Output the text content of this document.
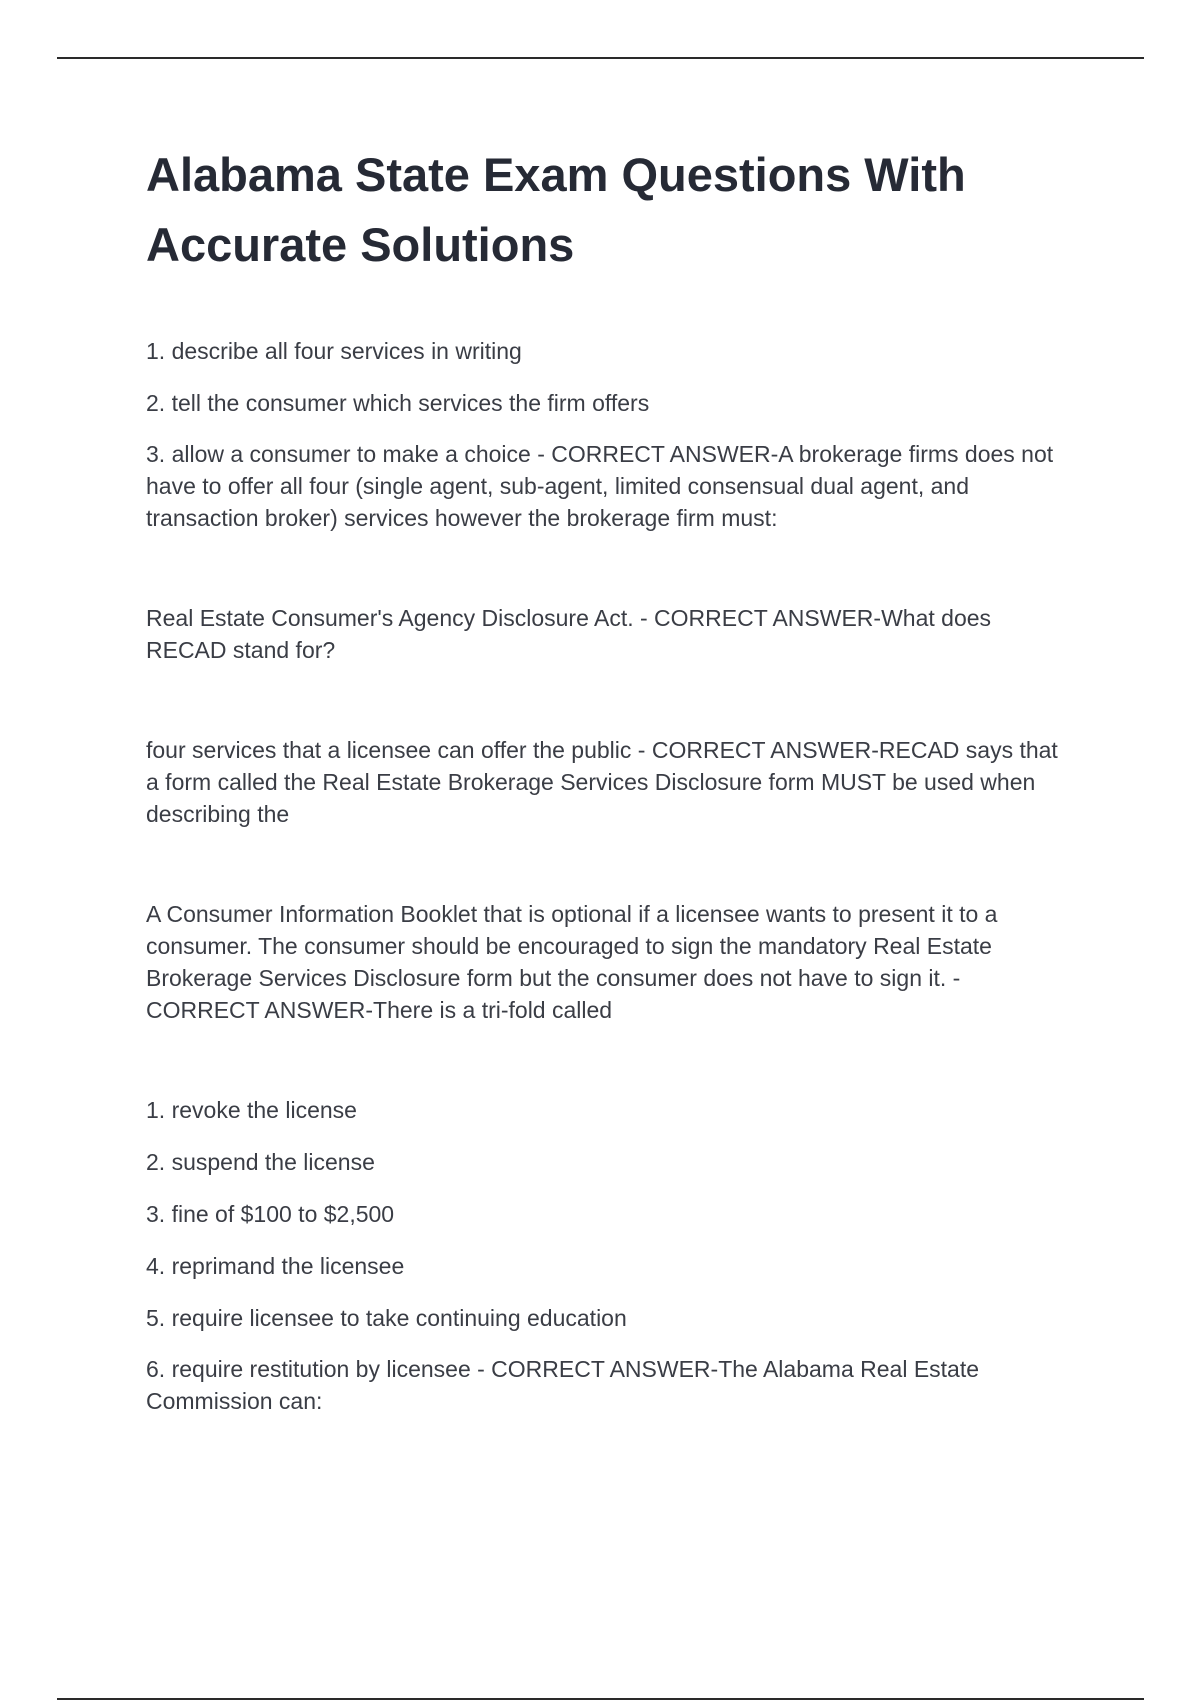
Alabama State Exam Questions With Accurate Solutions

1. describe all four services in writing

2. tell the consumer which services the firm offers

3. allow a consumer to make a choice - CORRECT ANSWER-A brokerage firms does not have to offer all four (single agent, sub-agent, limited consensual dual agent, and transaction broker) services however the brokerage firm must:

Real Estate Consumer's Agency Disclosure Act. - CORRECT ANSWER-What does RECAD stand for?

four services that a licensee can offer the public - CORRECT ANSWER-RECAD says that a form called the Real Estate Brokerage Services Disclosure form MUST be used when describing the

A Consumer Information Booklet that is optional if a licensee wants to present it to a consumer. The consumer should be encouraged to sign the mandatory Real Estate Brokerage Services Disclosure form but the consumer does not have to sign it. - CORRECT ANSWER-There is a tri-fold called

1. revoke the license

2. suspend the license

3. fine of $100 to $2,500

4. reprimand the licensee

5. require licensee to take continuing education

6. require restitution by licensee - CORRECT ANSWER-The Alabama Real Estate Commission can:
